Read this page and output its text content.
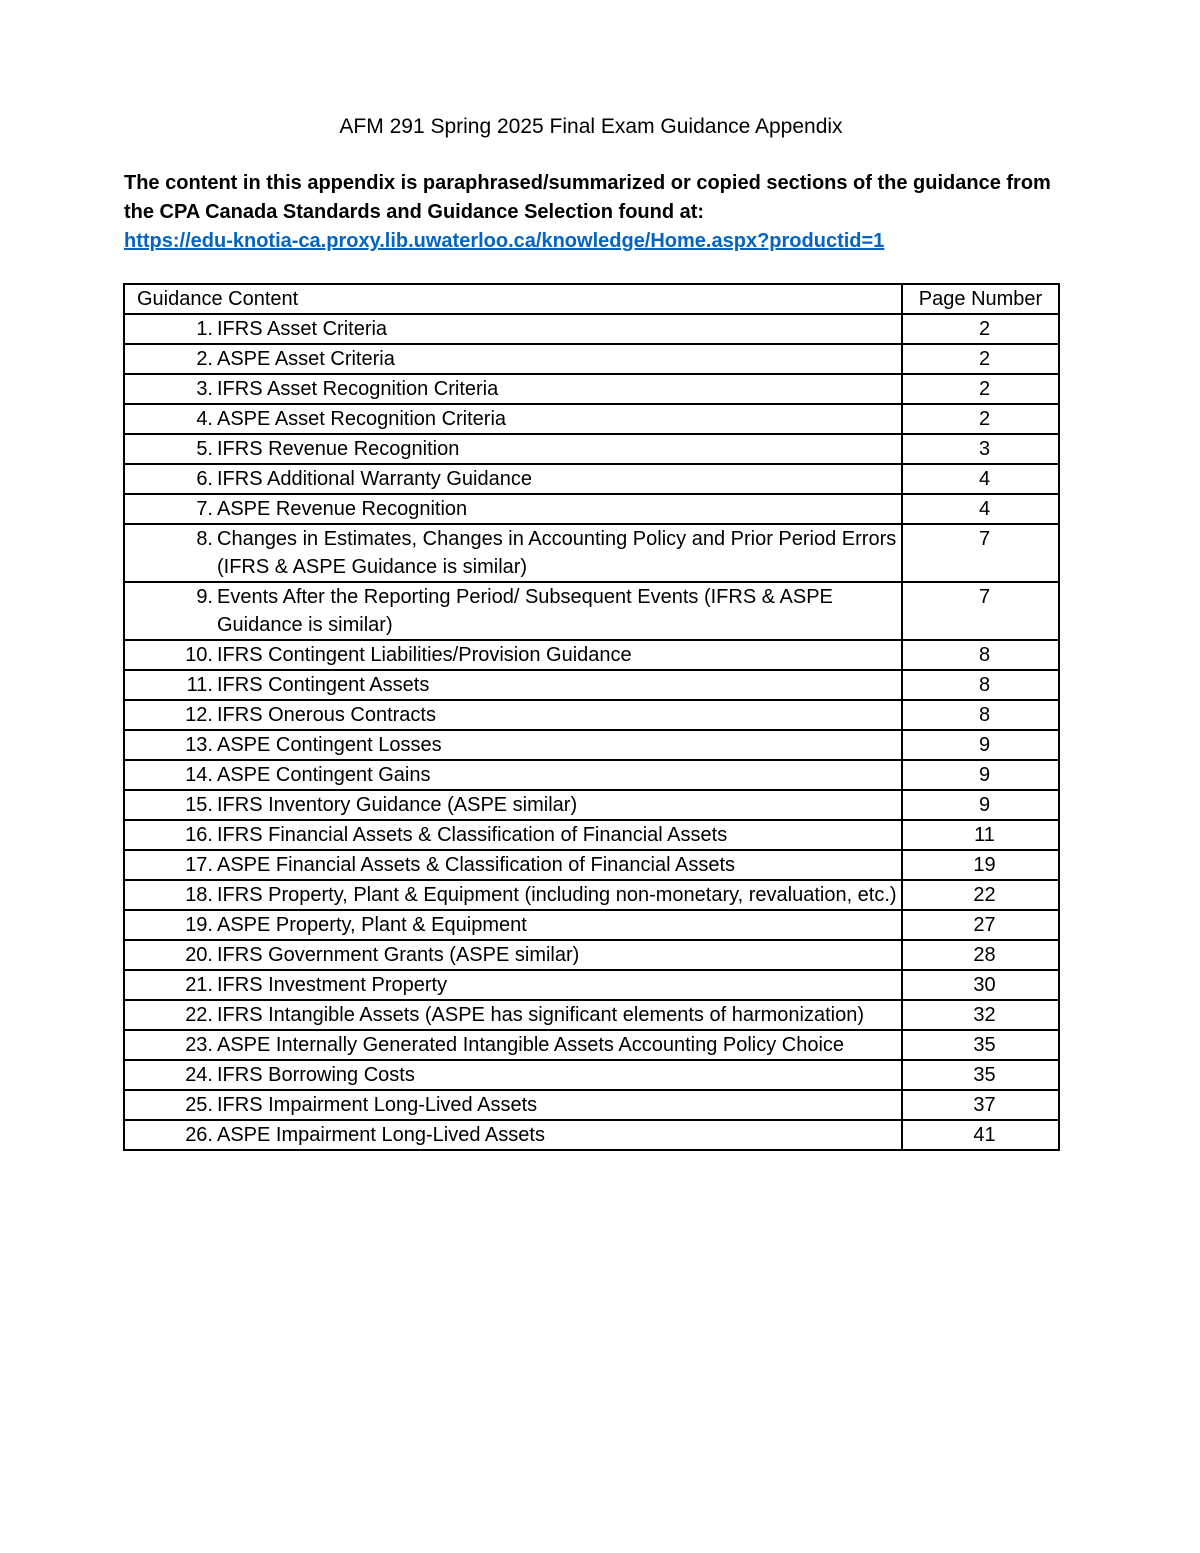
AFM 291 Spring 2025 Final Exam Guidance Appendix

The content in this appendix is paraphrased/summarized or copied sections of the guidance from the CPA Canada Standards and Guidance Selection found at:

https://edu-knotia-ca.proxy.lib.uwaterloo.ca/knowledge/Home.aspx?productid=1

Guidance Content	Page Number

1. IFRS Asset Criteria	2

2. ASPE Asset Criteria	2

3. IFRS Asset Recognition Criteria	2

4. ASPE Asset Recognition Criteria	2

5. IFRS Revenue Recognition	3

6. IFRS Additional Warranty Guidance	4

7. ASPE Revenue Recognition	4

8. Changes in Estimates, Changes in Accounting Policy and Prior Period Errors (IFRS & ASPE Guidance is similar)	7

9. Events After the Reporting Period/ Subsequent Events (IFRS & ASPE Guidance is similar)	7

10. IFRS Contingent Liabilities/Provision Guidance	8

11. IFRS Contingent Assets	8

12. IFRS Onerous Contracts	8

13. ASPE Contingent Losses	9

14. ASPE Contingent Gains	9

15. IFRS Inventory Guidance (ASPE similar)	9

16. IFRS Financial Assets & Classification of Financial Assets	11

17. ASPE Financial Assets & Classification of Financial Assets	19

18. IFRS Property, Plant & Equipment (including non-monetary, revaluation, etc.)	22

19. ASPE Property, Plant & Equipment	27

20. IFRS Government Grants (ASPE similar)	28

21. IFRS Investment Property	30

22. IFRS Intangible Assets (ASPE has significant elements of harmonization)	32

23. ASPE Internally Generated Intangible Assets Accounting Policy Choice	35

24. IFRS Borrowing Costs	35

25. IFRS Impairment Long-Lived Assets	37

26. ASPE Impairment Long-Lived Assets	41
